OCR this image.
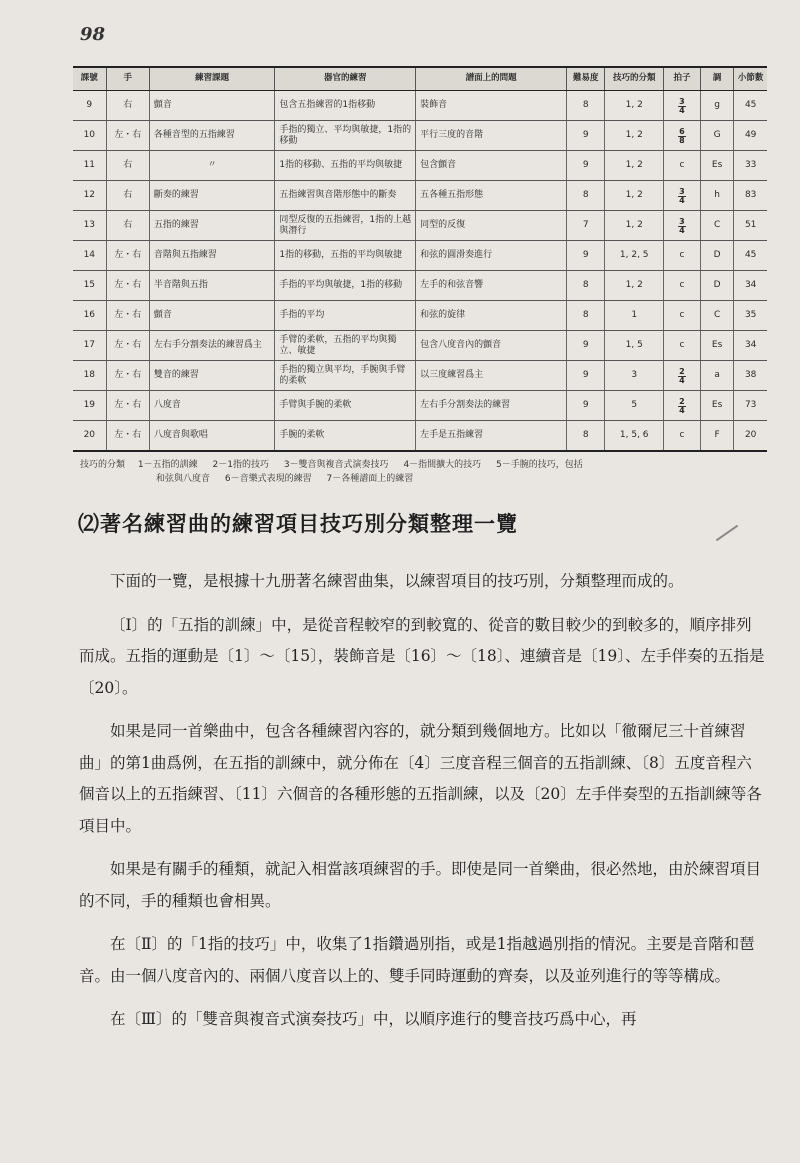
98
課號	手	練習課題	器官的練習	譜面上的問題	難易度	技巧的分類	拍子	調	小節數
9	右	顫音	包含五指練習的1指移動	裝飾音	8	1, 2	$\frac{3}{4}$	g	45
10	左・右	各種音型的五指練習	手指的獨立、平均與敏捷，1指的移動	平行三度的音階	9	1, 2	$\frac{6}{8}$	G	49
11	右	〃	1指的移動、五指的平均與敏捷	包含顫音	9	1, 2	c	Es	33
12	右	斷奏的練習	五指練習與音階形態中的斷奏	五各種五指形態	8	1, 2	$\frac{3}{4}$	h	83
13	右	五指的練習	同型反復的五指練習，1指的上越與潛行	同型的反復	7	1, 2	$\frac{3}{4}$	C	51
14	左・右	音階與五指練習	1指的移動，五指的平均與敏捷	和弦的圓滑奏進行	9	1, 2, 5	c	D	45
15	左・右	半音階與五指	手指的平均與敏捷，1指的移動	左手的和弦音響	8	1, 2	c	D	34
16	左・右	顫音	手指的平均	和弦的旋律	8	1	c	C	35
17	左・右	左右手分割奏法的練習爲主	手臂的柔軟，五指的平均與獨立、敏捷	包含八度音內的顫音	9	1, 5	c	Es	34
18	左・右	雙音的練習	手指的獨立與平均，手腕與手臂的柔軟	以三度練習爲主	9	3	$\frac{2}{4}$	a	38
19	左・右	八度音	手臂與手腕的柔軟	左右手分割奏法的練習	9	5	$\frac{2}{4}$	Es	73
20	左・右	八度音與歌唱	手腕的柔軟	左手是五指練習	8	1, 5, 6	c	F	20
技巧的分類 1－五指的訓練 2－1指的技巧 3－雙音與複音式演奏技巧 4－指間擴大的技巧 5－手腕的技巧，包括
和弦與八度音 6－音樂式表現的練習 7－各種譜面上的練習
⑵著名練習曲的練習項目技巧別分類整理一覽

下面的一覽，是根據十九册著名練習曲集，以練習項目的技巧別，分類整理而成的。

〔Ⅰ〕的「五指的訓練」中，是從音程較窄的到較寬的、從音的數目較少的到較多的，順序排列而成。五指的運動是〔1〕～〔15〕，裝飾音是〔16〕～〔18〕、連續音是〔19〕、左手伴奏的五指是〔20〕。

如果是同一首樂曲中，包含各種練習內容的，就分類到幾個地方。比如以「徹爾尼三十首練習曲」的第1曲爲例，在五指的訓練中，就分佈在〔4〕三度音程三個音的五指訓練、〔8〕五度音程六個音以上的五指練習、〔11〕六個音的各種形態的五指訓練，以及〔20〕左手伴奏型的五指訓練等各項目中。

如果是有關手的種類，就記入相當該項練習的手。即使是同一首樂曲，很必然地，由於練習項目的不同，手的種類也會相異。

在〔Ⅱ〕的「1指的技巧」中，收集了1指鑽過別指，或是1指越過別指的情況。主要是音階和琶音。由一個八度音內的、兩個八度音以上的、雙手同時運動的齊奏，以及並列進行的等等構成。

在〔Ⅲ〕的「雙音與複音式演奏技巧」中，以順序進行的雙音技巧爲中心，再
